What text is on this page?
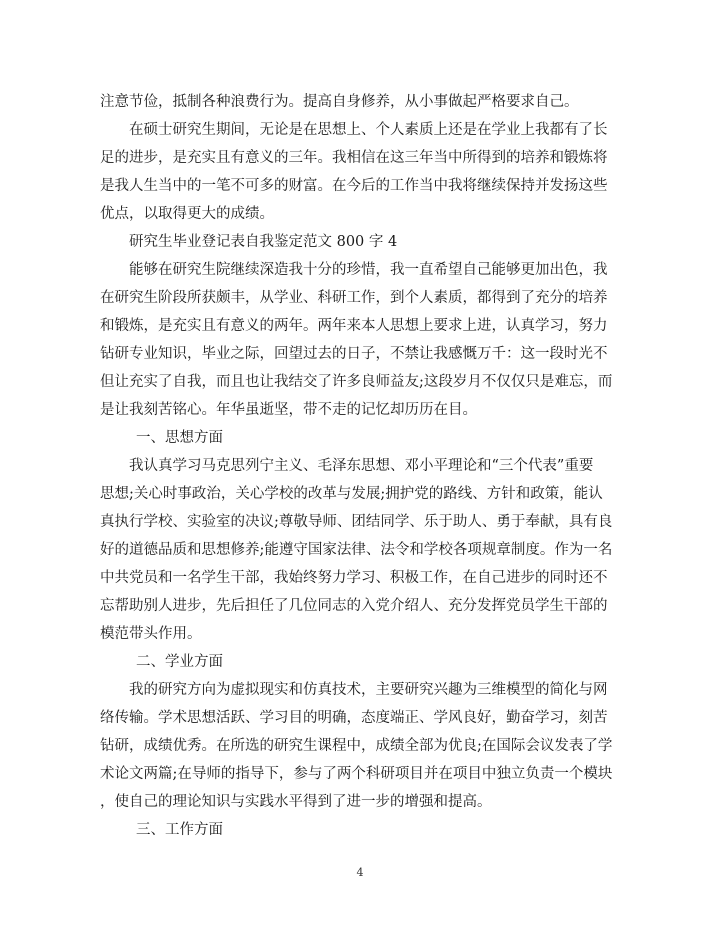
注意节俭，抵制各种浪费行为。提高自身修养，从小事做起严格要求自己。
在硕士研究生期间，无论是在思想上、个人素质上还是在学业上我都有了长
足的进步，是充实且有意义的三年。我相信在这三年当中所得到的培养和锻炼将
是我人生当中的一笔不可多的财富。在今后的工作当中我将继续保持并发扬这些
优点，以取得更大的成绩。
研究生毕业登记表自我鉴定范文 800 字 4
能够在研究生院继续深造我十分的珍惜，我一直希望自己能够更加出色，我
在研究生阶段所获颇丰，从学业、科研工作，到个人素质，都得到了充分的培养
和锻炼，是充实且有意义的两年。两年来本人思想上要求上进，认真学习，努力
钻研专业知识，毕业之际，回望过去的日子，不禁让我感慨万千：这一段时光不
但让充实了自我，而且也让我结交了许多良师益友;这段岁月不仅仅只是难忘，而
是让我刻苦铭心。年华虽逝坚，带不走的记忆却历历在目。
一、思想方面
我认真学习马克思列宁主义、毛泽东思想、邓小平理论和“三个代表”重要
思想;关心时事政治，关心学校的改革与发展;拥护党的路线、方针和政策，能认
真执行学校、实验室的决议;尊敬导师、团结同学、乐于助人、勇于奉献，具有良
好的道德品质和思想修养;能遵守国家法律、法令和学校各项规章制度。作为一名
中共党员和一名学生干部，我始终努力学习、积极工作，在自己进步的同时还不
忘帮助别人进步，先后担任了几位同志的入党介绍人、充分发挥党员学生干部的
模范带头作用。
二、学业方面
我的研究方向为虚拟现实和仿真技术，主要研究兴趣为三维模型的简化与网
络传输。学术思想活跃、学习目的明确，态度端正、学风良好，勤奋学习，刻苦
钻研，成绩优秀。在所选的研究生课程中，成绩全部为优良;在国际会议发表了学
术论文两篇;在导师的指导下，参与了两个科研项目并在项目中独立负责一个模块
，使自己的理论知识与实践水平得到了进一步的增强和提高。
三、工作方面
4
